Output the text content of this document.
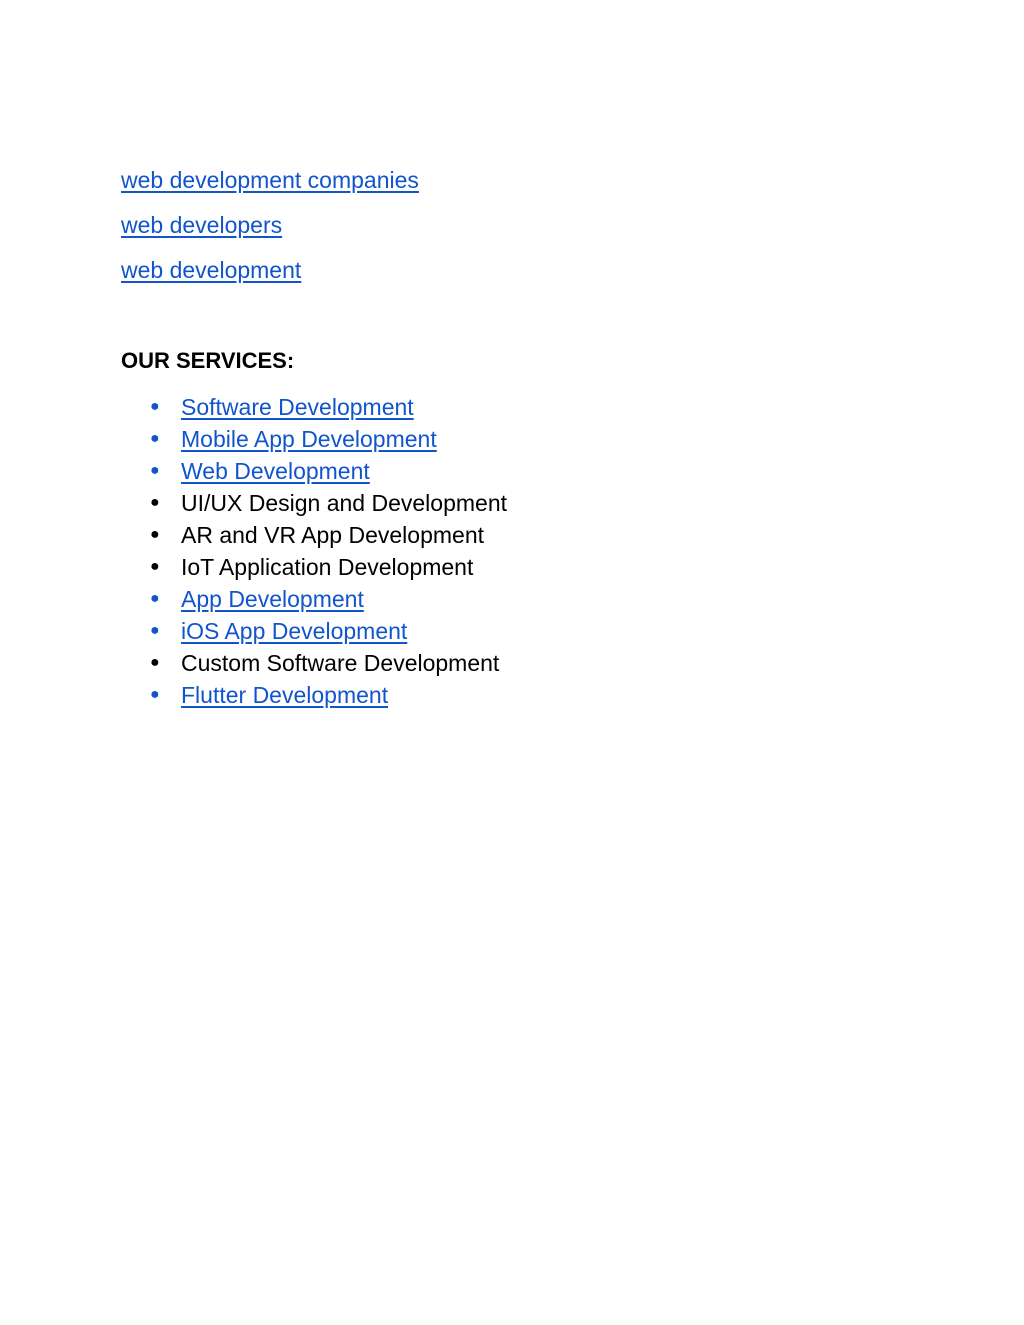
web development companies
web developers
web development
OUR SERVICES:
● Software Development
● Mobile App Development
● Web Development
● UI/UX Design and Development
● AR and VR App Development
● IoT Application Development
● App Development
● iOS App Development
● Custom Software Development
● Flutter Development
